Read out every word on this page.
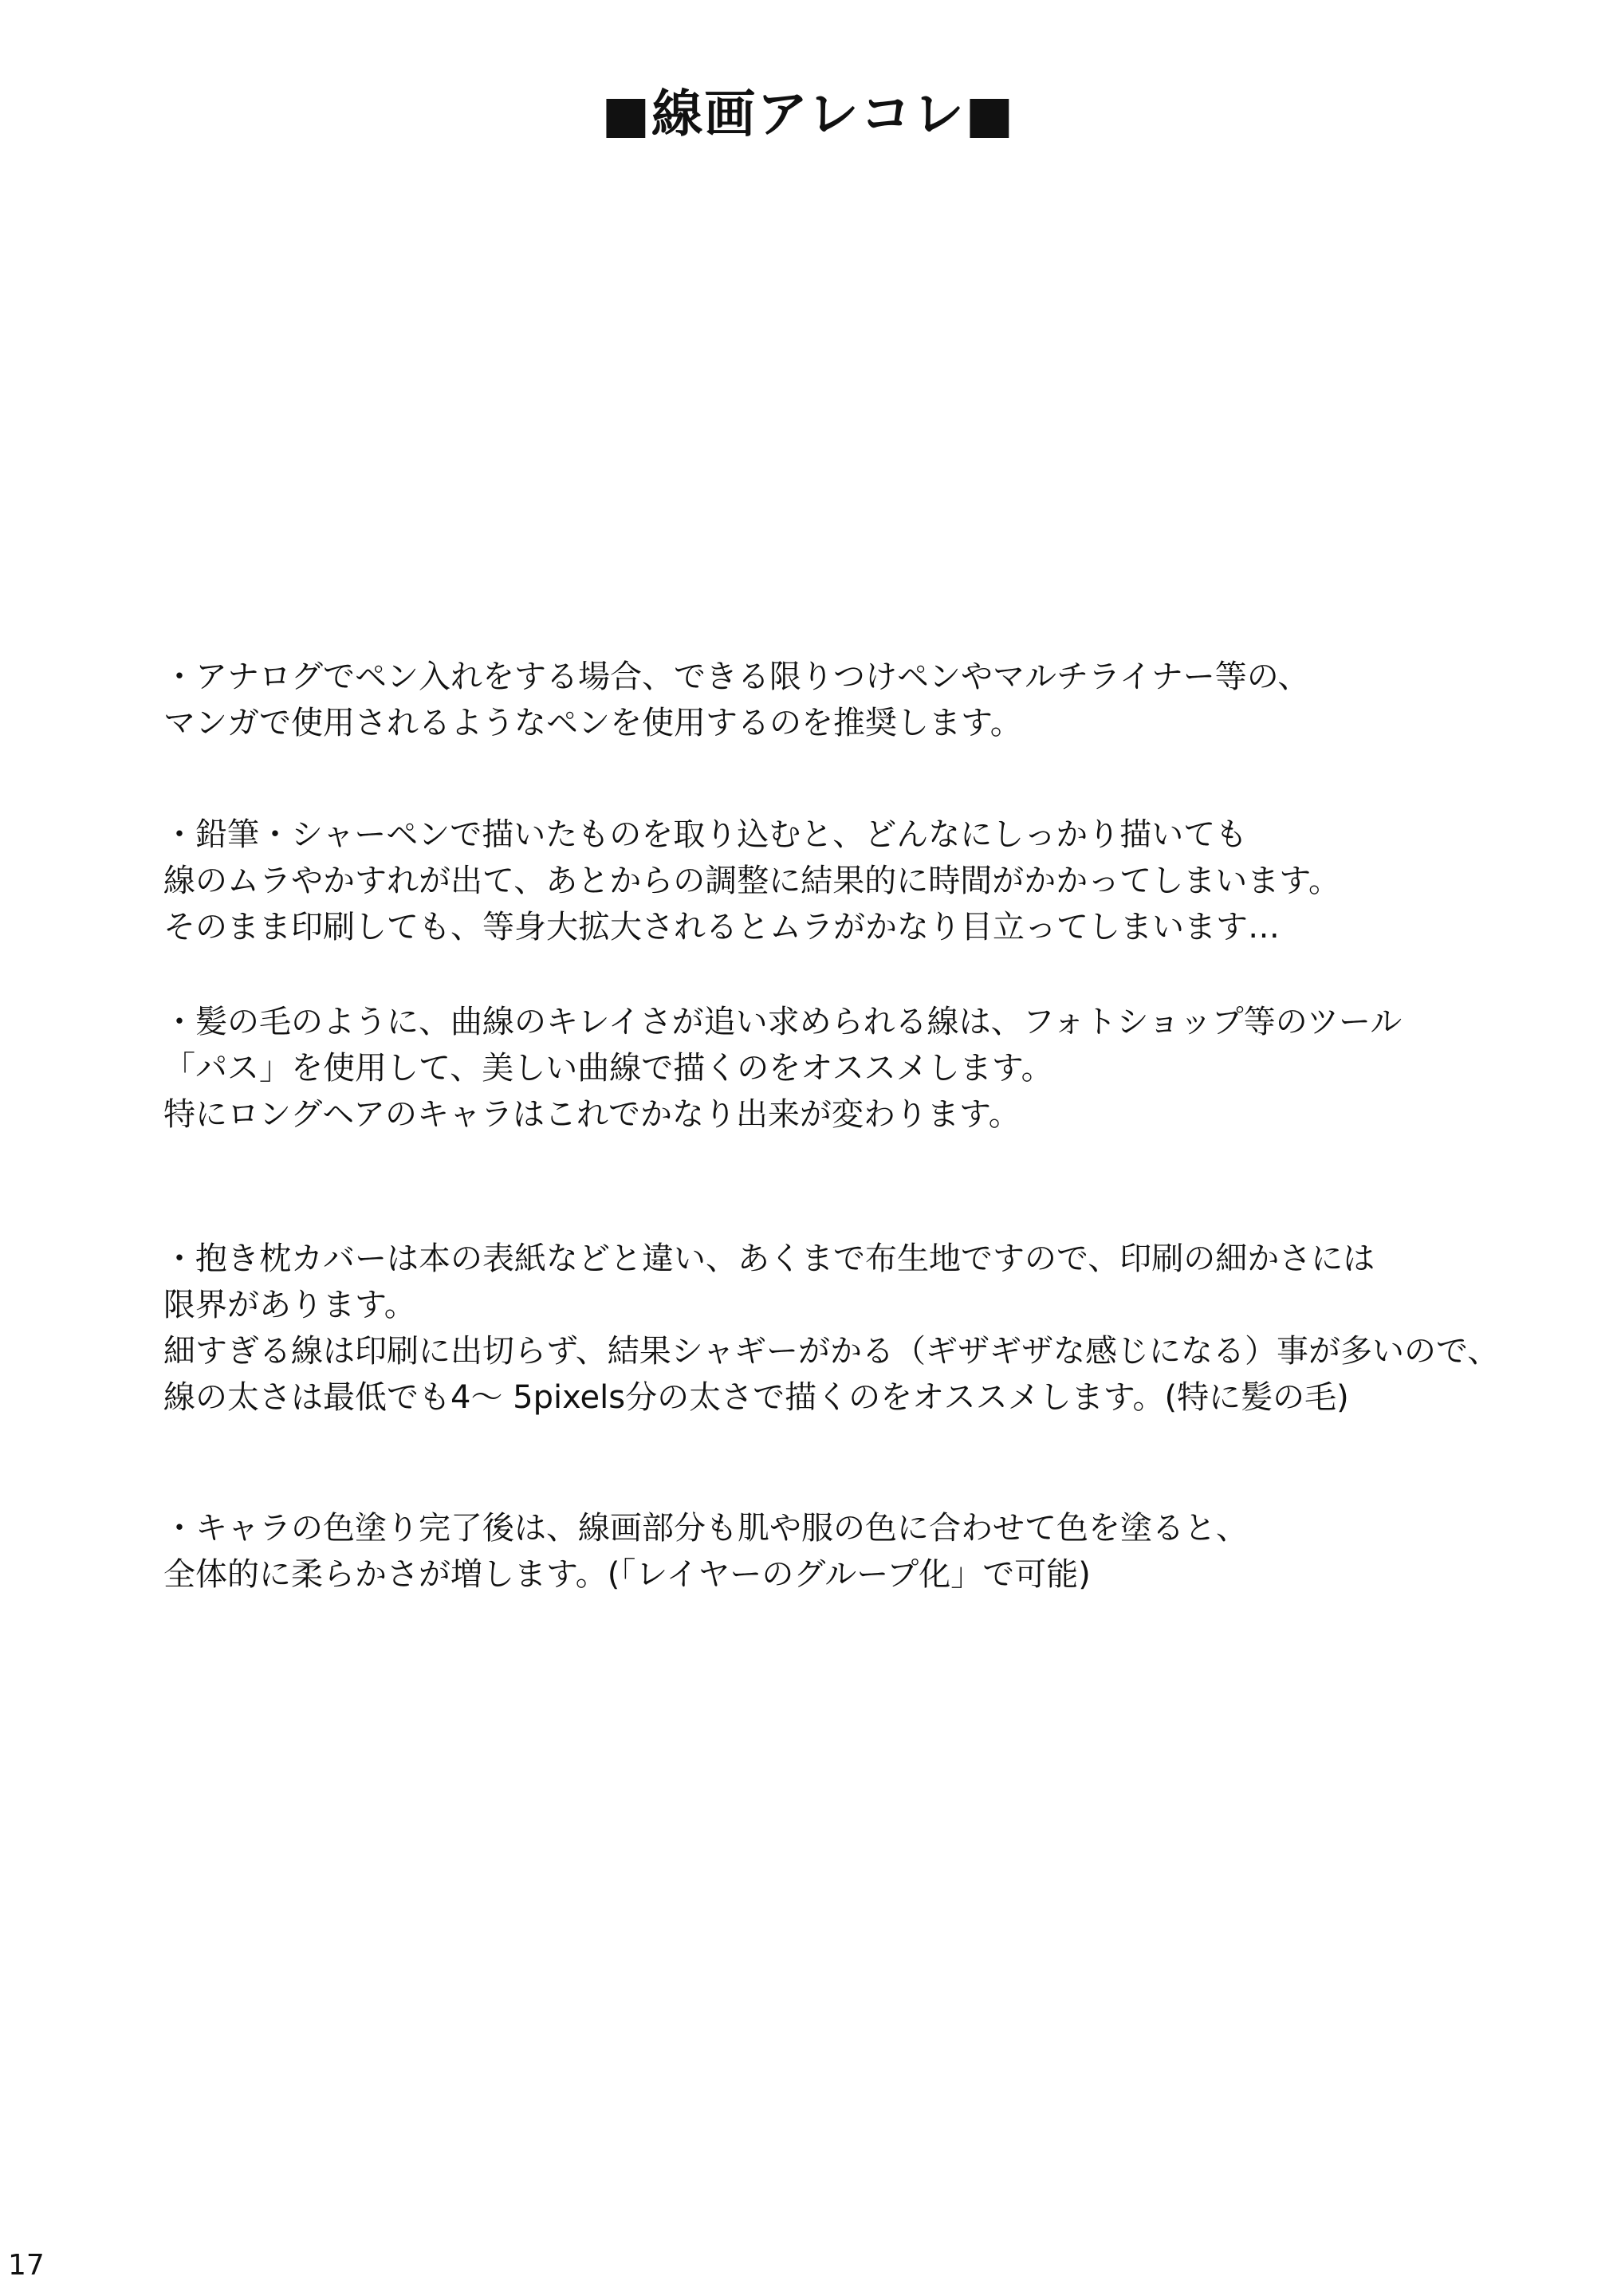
■線画アレコレ■
・アナログでペン入れをする場合、できる限りつけペンやマルチライナー等の、
マンガで使用されるようなペンを使用するのを推奨します。
・鉛筆・シャーペンで描いたものを取り込むと、どんなにしっかり描いても
線のムラやかすれが出て、あとからの調整に結果的に時間がかかってしまいます。
そのまま印刷しても、等身大拡大されるとムラがかなり目立ってしまいます…
・髪の毛のように、曲線のキレイさが追い求められる線は、フォトショップ等のツール
「パス」を使用して、美しい曲線で描くのをオススメします。
特にロングヘアのキャラはこれでかなり出来が変わります。
・抱き枕カバーは本の表紙などと違い、あくまで布生地ですので、印刷の細かさには
限界があります。
細すぎる線は印刷に出切らず、結果シャギーがかる（ギザギザな感じになる）事が多いので、
線の太さは最低でも4～ 5pixels分の太さで描くのをオススメします。(特に髪の毛)
・キャラの色塗り完了後は、線画部分も肌や服の色に合わせて色を塗ると、
全体的に柔らかさが増します。(「レイヤーのグループ化」で可能)
17
